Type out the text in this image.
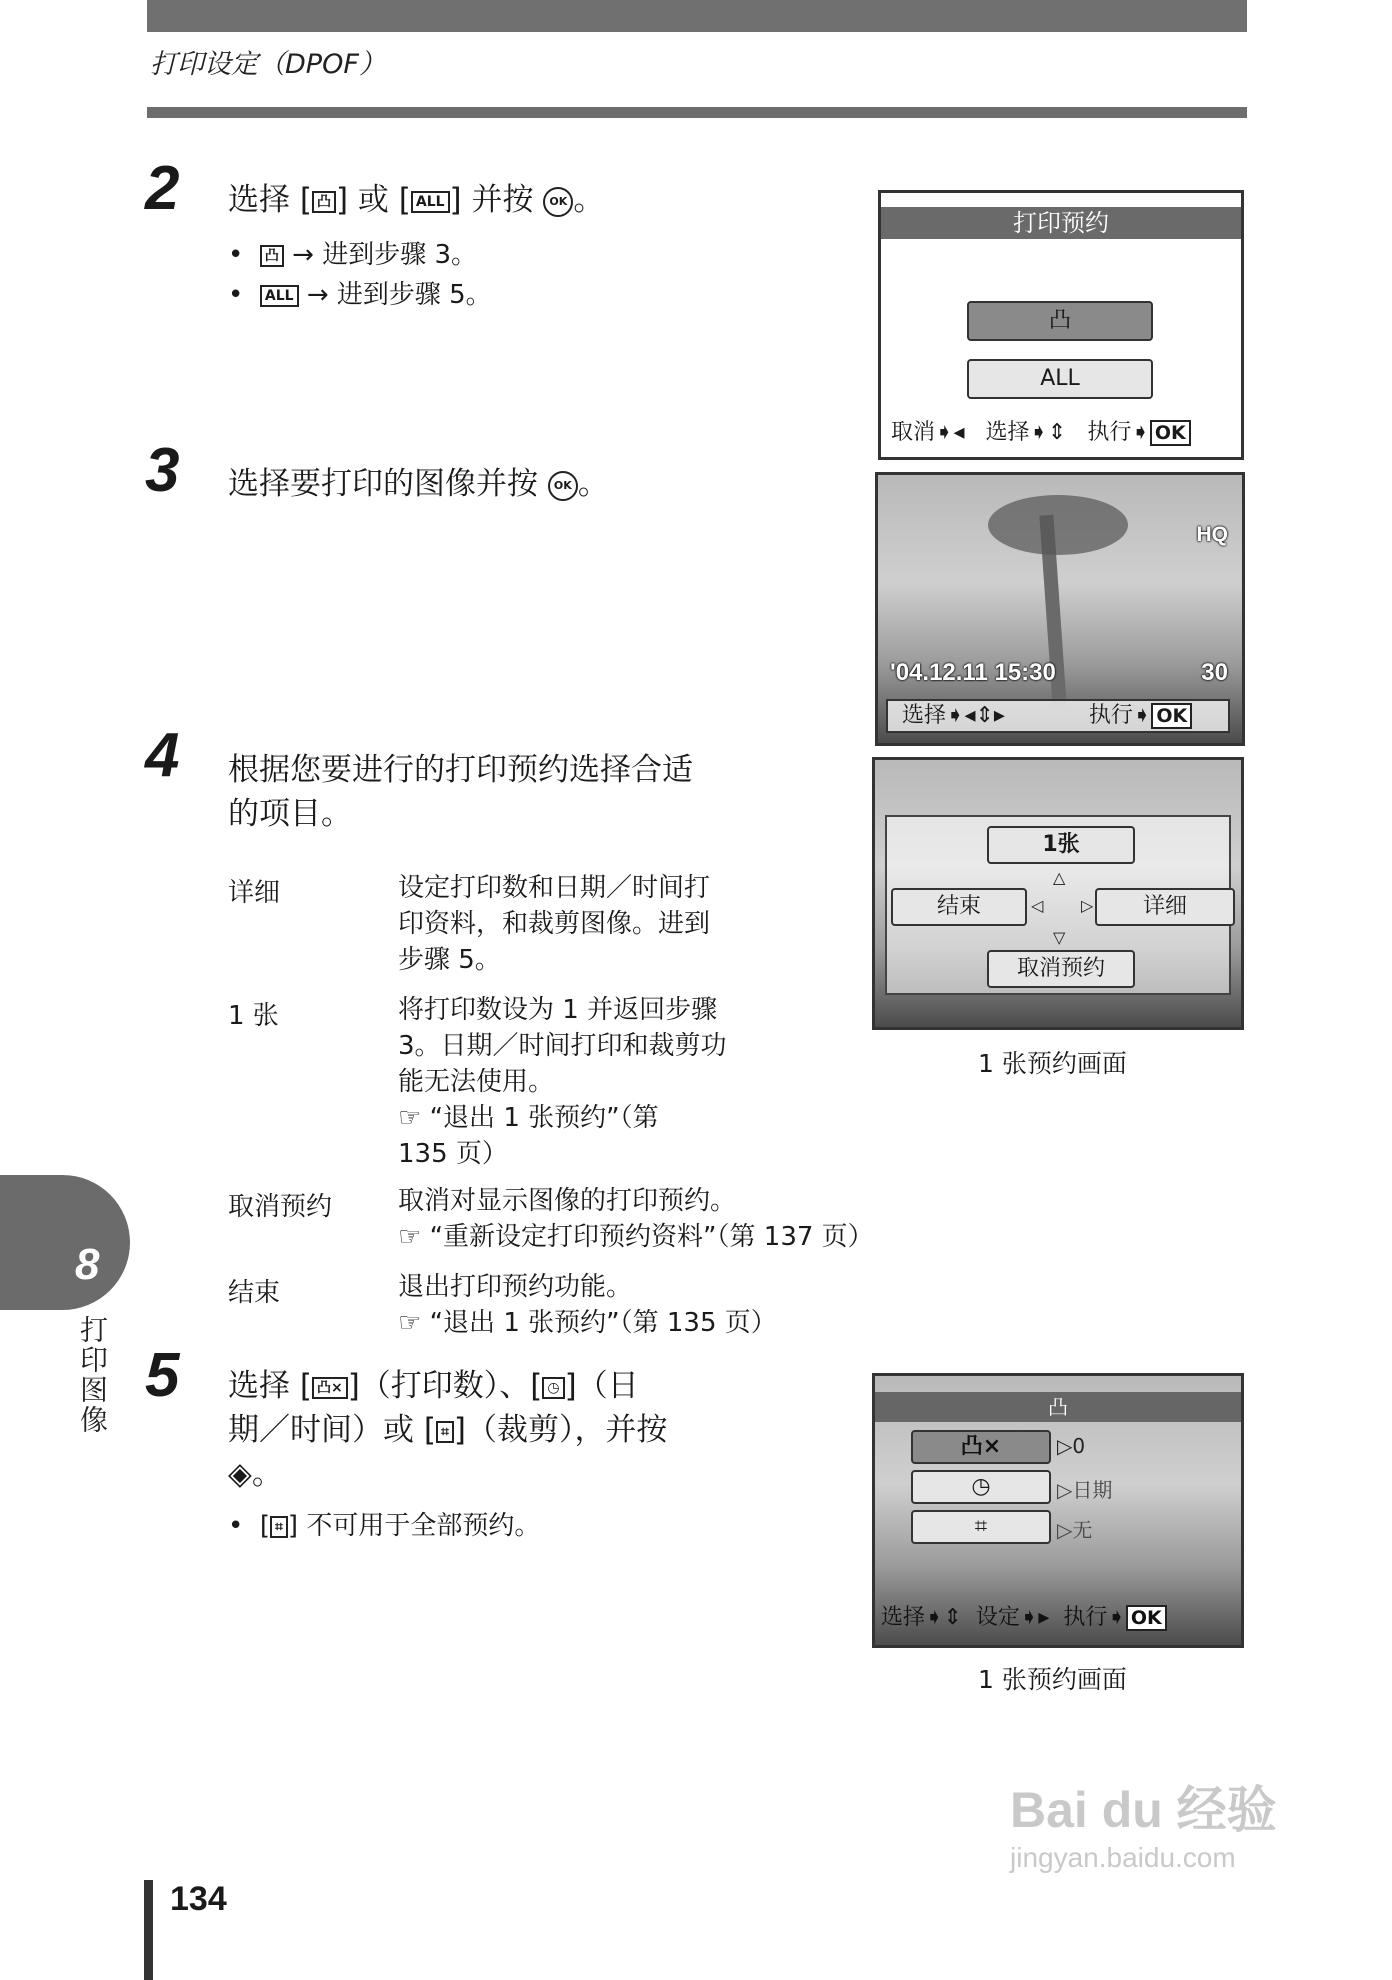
打印设定（DPOF）
2 选择 [ 凸 ] 或 [ ALL ] 并按 OK 。
•  凸 → 进到步骤 3。
•  ALL → 进到步骤 5。
打印预约
凸
ALL
取消➧◂   选择➧⇕   执行➧ OK
3 选择要打印的图像并按 OK 。
HQ
'04.12.11 15:30	30
选择➧◂⇕▸            执行➧ OK
4 根据您要进行的打印预约选择合适
的项目。
详细	设定打印数和日期／时间打
印资料，和裁剪图像。进到
步骤 5。
1 张	将打印数设为 1 并返回步骤
3。日期／时间打印和裁剪功
能无法使用。
☞ “退出 1 张预约”（第
135 页）
取消预约	取消对显示图像的打印预约。
☞ “重新设定打印预约资料”（第 137 页）
结束	退出打印预约功能。
☞ “退出 1 张预约”（第 135 页）
1张
△
结束	◁ ▷	详细
▽
取消预约
1 张预约画面
5 选择 [ 凸× ]（打印数）、[ ◷ ]（日
期／时间）或 [ ⌗ ]（裁剪），并按
◈。
•  [ ⌗ ] 不可用于全部预约。
凸
凸×	▷0
◷	▷日期
⌗	▷无
选择➧⇕  设定➧▸  执行➧ OK
1 张预约画面
8
打印图像
134
Bai du 经验
jingyan.baidu.com
